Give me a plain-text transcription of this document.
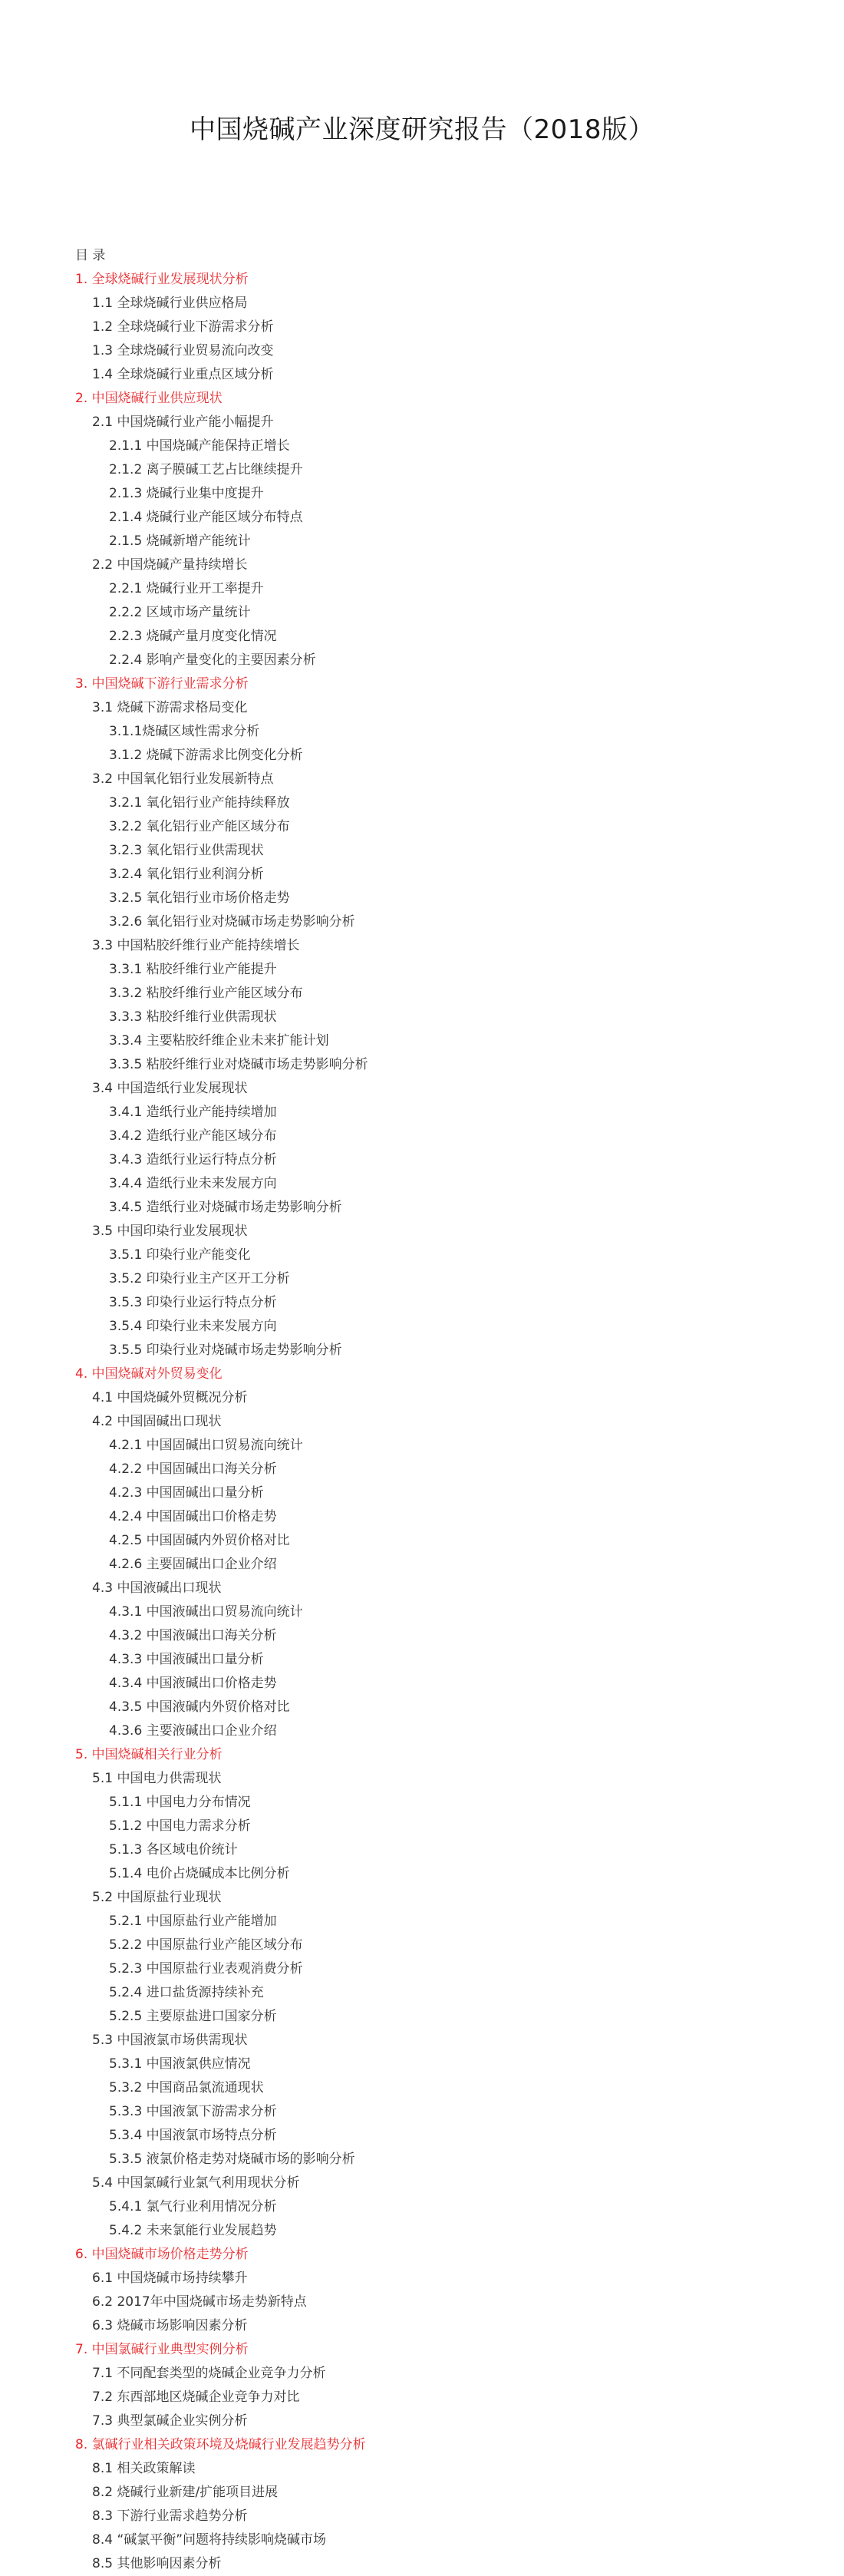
中国烧碱产业深度研究报告（2018版）
目 录
1. 全球烧碱行业发展现状分析
1.1 全球烧碱行业供应格局
1.2 全球烧碱行业下游需求分析
1.3 全球烧碱行业贸易流向改变
1.4 全球烧碱行业重点区域分析
2. 中国烧碱行业供应现状
2.1 中国烧碱行业产能小幅提升
2.1.1 中国烧碱产能保持正增长
2.1.2 离子膜碱工艺占比继续提升
2.1.3 烧碱行业集中度提升
2.1.4 烧碱行业产能区域分布特点
2.1.5 烧碱新增产能统计
2.2 中国烧碱产量持续增长
2.2.1 烧碱行业开工率提升
2.2.2 区域市场产量统计
2.2.3 烧碱产量月度变化情况
2.2.4 影响产量变化的主要因素分析
3. 中国烧碱下游行业需求分析
3.1 烧碱下游需求格局变化
3.1.1烧碱区域性需求分析
3.1.2 烧碱下游需求比例变化分析
3.2 中国氧化铝行业发展新特点
3.2.1 氧化铝行业产能持续释放
3.2.2 氧化铝行业产能区域分布
3.2.3 氧化铝行业供需现状
3.2.4 氧化铝行业利润分析
3.2.5 氧化铝行业市场价格走势
3.2.6 氧化铝行业对烧碱市场走势影响分析
3.3 中国粘胶纤维行业产能持续增长
3.3.1 粘胶纤维行业产能提升
3.3.2 粘胶纤维行业产能区域分布
3.3.3 粘胶纤维行业供需现状
3.3.4 主要粘胶纤维企业未来扩能计划
3.3.5 粘胶纤维行业对烧碱市场走势影响分析
3.4 中国造纸行业发展现状
3.4.1 造纸行业产能持续增加
3.4.2 造纸行业产能区域分布
3.4.3 造纸行业运行特点分析
3.4.4 造纸行业未来发展方向
3.4.5 造纸行业对烧碱市场走势影响分析
3.5 中国印染行业发展现状
3.5.1 印染行业产能变化
3.5.2 印染行业主产区开工分析
3.5.3 印染行业运行特点分析
3.5.4 印染行业未来发展方向
3.5.5 印染行业对烧碱市场走势影响分析
4. 中国烧碱对外贸易变化
4.1 中国烧碱外贸概况分析
4.2 中国固碱出口现状
4.2.1 中国固碱出口贸易流向统计
4.2.2 中国固碱出口海关分析
4.2.3 中国固碱出口量分析
4.2.4 中国固碱出口价格走势
4.2.5 中国固碱内外贸价格对比
4.2.6 主要固碱出口企业介绍
4.3 中国液碱出口现状
4.3.1 中国液碱出口贸易流向统计
4.3.2 中国液碱出口海关分析
4.3.3 中国液碱出口量分析
4.3.4 中国液碱出口价格走势
4.3.5 中国液碱内外贸价格对比
4.3.6 主要液碱出口企业介绍
5. 中国烧碱相关行业分析
5.1 中国电力供需现状
5.1.1 中国电力分布情况
5.1.2 中国电力需求分析
5.1.3 各区域电价统计
5.1.4 电价占烧碱成本比例分析
5.2 中国原盐行业现状
5.2.1 中国原盐行业产能增加
5.2.2 中国原盐行业产能区域分布
5.2.3 中国原盐行业表观消费分析
5.2.4 进口盐货源持续补充
5.2.5 主要原盐进口国家分析
5.3 中国液氯市场供需现状
5.3.1 中国液氯供应情况
5.3.2 中国商品氯流通现状
5.3.3 中国液氯下游需求分析
5.3.4 中国液氯市场特点分析
5.3.5 液氯价格走势对烧碱市场的影响分析
5.4 中国氯碱行业氯气利用现状分析
5.4.1 氯气行业利用情况分析
5.4.2 未来氯能行业发展趋势
6. 中国烧碱市场价格走势分析
6.1 中国烧碱市场持续攀升
6.2 2017年中国烧碱市场走势新特点
6.3 烧碱市场影响因素分析
7. 中国氯碱行业典型实例分析
7.1 不同配套类型的烧碱企业竞争力分析
7.2 东西部地区烧碱企业竞争力对比
7.3 典型氯碱企业实例分析
8. 氯碱行业相关政策环境及烧碱行业发展趋势分析
8.1 相关政策解读
8.2 烧碱行业新建/扩能项目进展
8.3 下游行业需求趋势分析
8.4 “碱氯平衡”问题将持续影响烧碱市场
8.5 其他影响因素分析
